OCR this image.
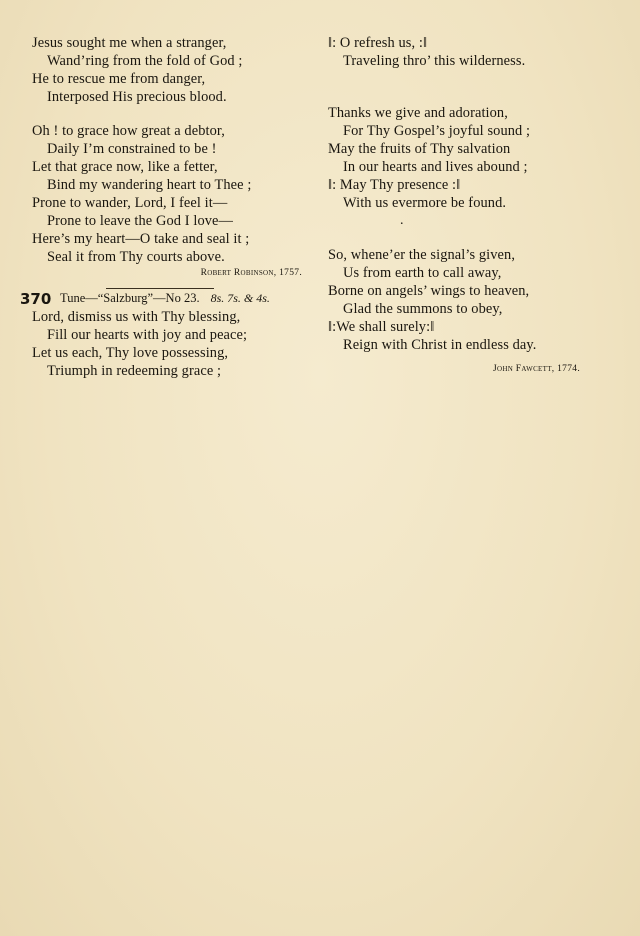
Jesus sought me when a stranger,
Wand’ring from the fold of God ;
He to rescue me from danger,
Interposed His precious blood.
Oh ! to grace how great a debtor,
Daily I’m constrained to be !
Let that grace now, like a fetter,
Bind my wandering heart to Thee ;
Prone to wander, Lord, I feel it—
Prone to leave the God I love—
Here’s my heart—O take and seal it ;
Seal it from Thy courts above.
Robert Robinson, 1757.
370 Tune—“Salzburg”—No 23. 8s. 7s. & 4s.
Lord, dismiss us with Thy blessing,
Fill our hearts with joy and peace;
Let us each, Thy love possessing,
Triumph in redeeming grace ;
‖: O refresh us, :‖
Traveling thro’ this wilderness.
Thanks we give and adoration,
For Thy Gospel’s joyful sound ;
May the fruits of Thy salvation
In our hearts and lives abound ;
‖: May Thy presence :‖
With us evermore be found.
.
So, whene’er the signal’s given,
Us from earth to call away,
Borne on angels’ wings to heaven,
Glad the summons to obey,
‖:We shall surely:‖
Reign with Christ in endless day.
John Fawcett, 1774.
